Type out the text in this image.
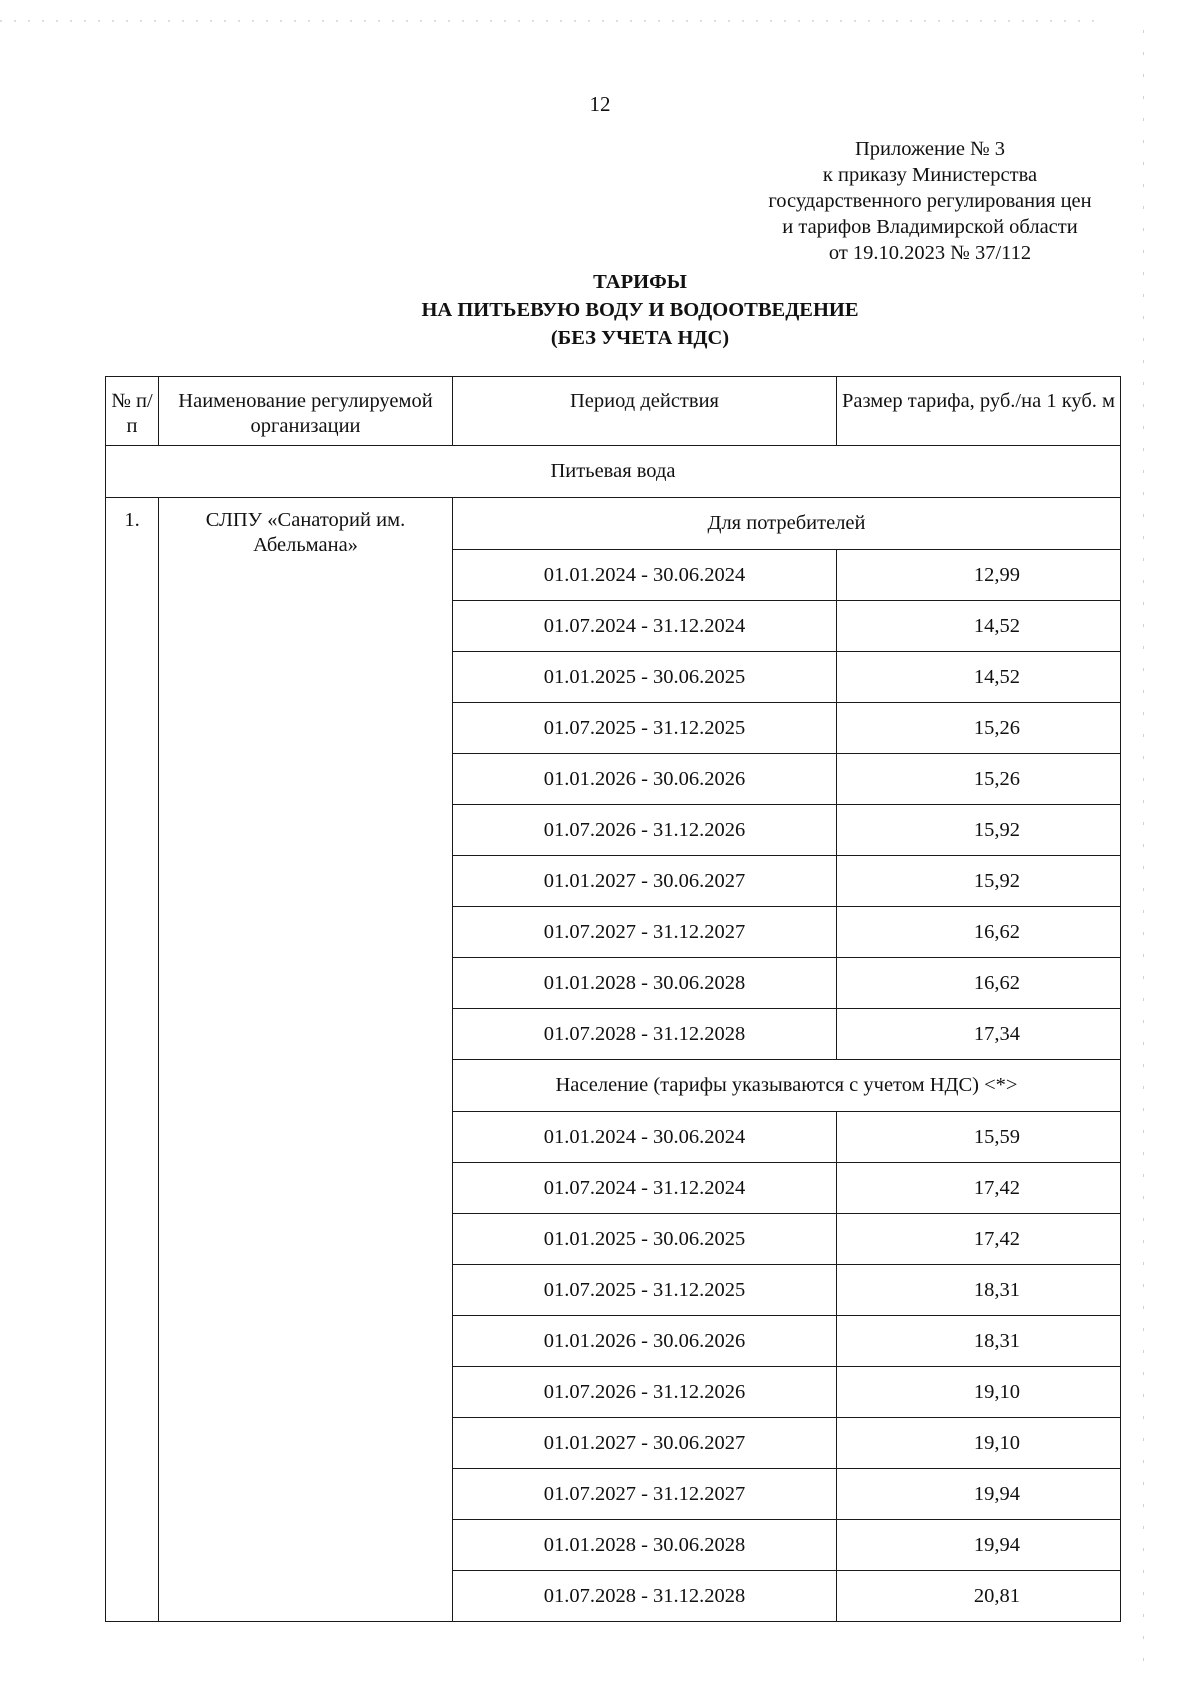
12
Приложение № 3
к приказу Министерства
государственного регулирования цен
и тарифов Владимирской области
от 19.10.2023 № 37/112
ТАРИФЫ
НА ПИТЬЕВУЮ ВОДУ И ВОДООТВЕДЕНИЕ
(БЕЗ УЧЕТА НДС)
№ п/п	Наименование регулируемой организации	Период действия	Размер тарифа, руб./на 1 куб. м
Питьевая вода			
1.	СЛПУ «Санаторий им. Абельмана»	Для потребителей	
		01.01.2024 - 30.06.2024	12,99
		01.07.2024 - 31.12.2024	14,52
		01.01.2025 - 30.06.2025	14,52
		01.07.2025 - 31.12.2025	15,26
		01.01.2026 - 30.06.2026	15,26
		01.07.2026 - 31.12.2026	15,92
		01.01.2027 - 30.06.2027	15,92
		01.07.2027 - 31.12.2027	16,62
		01.01.2028 - 30.06.2028	16,62
		01.07.2028 - 31.12.2028	17,34
		Население (тарифы указываются с учетом НДС) <*>	
		01.01.2024 - 30.06.2024	15,59
		01.07.2024 - 31.12.2024	17,42
		01.01.2025 - 30.06.2025	17,42
		01.07.2025 - 31.12.2025	18,31
		01.01.2026 - 30.06.2026	18,31
		01.07.2026 - 31.12.2026	19,10
		01.01.2027 - 30.06.2027	19,10
		01.07.2027 - 31.12.2027	19,94
		01.01.2028 - 30.06.2028	19,94
		01.07.2028 - 31.12.2028	20,81
